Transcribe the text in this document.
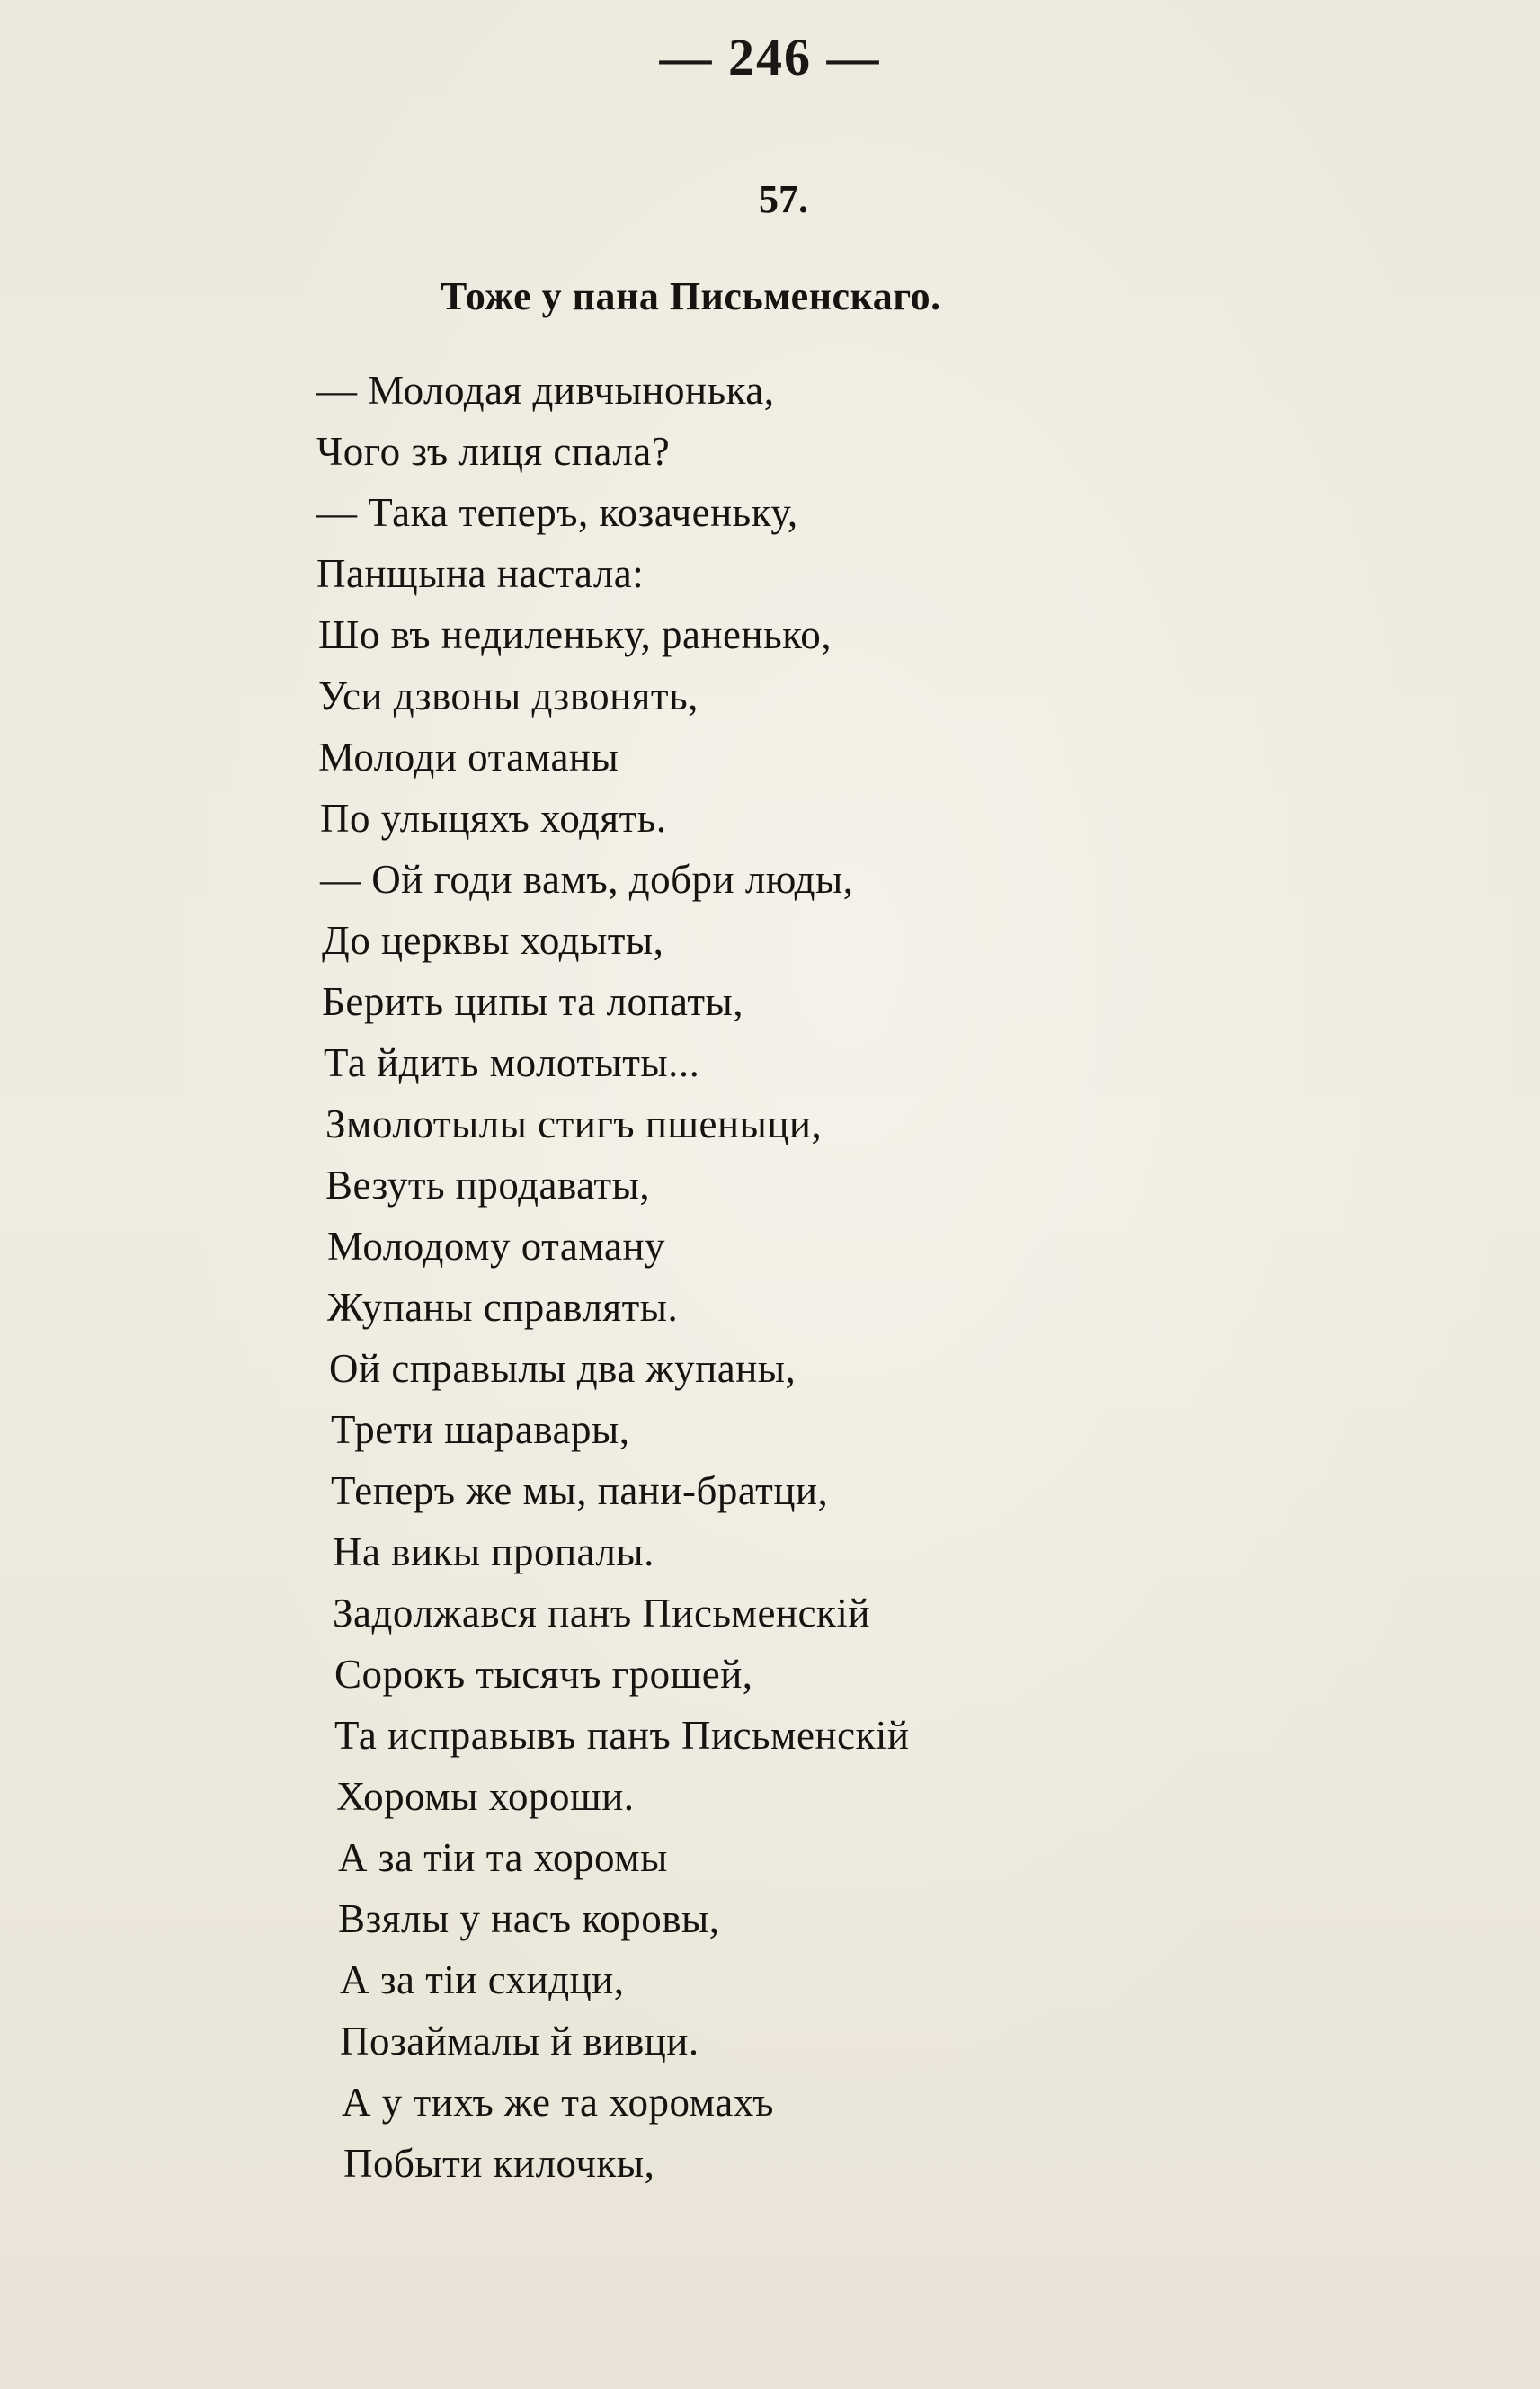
— 246 —
57.
Тоже у пана Письменскаго.
— Молодая дивчынонька,
Чого зъ лиця спала?
— Така теперъ, козаченьку,
Панщына настала:
Шо въ недиленьку, раненько,
Уси дзвоны дзвонять,
Молоди отаманы
По улыцяхъ ходять.
— Ой годи вамъ, добри люды,
До церквы ходыты,
Берить ципы та лопаты,
Та йдить молотыты...
Змолотылы стигъ пшеныци,
Везуть продаваты,
Молодому отаману
Жупаны справляты.
Ой справылы два жупаны,
Трети шаравары,
Теперъ же мы, пани-братци,
На викы пропалы.
Задолжався панъ Письменскій
Сорокъ тысячъ грошей,
Та исправывъ панъ Письменскій
Хоромы хороши.
А за тіи та хоромы
Взялы у насъ коровы,
А за тіи схидци,
Позаймалы й вивци.
А у тихъ же та хоромахъ
Побыти килочкы,
